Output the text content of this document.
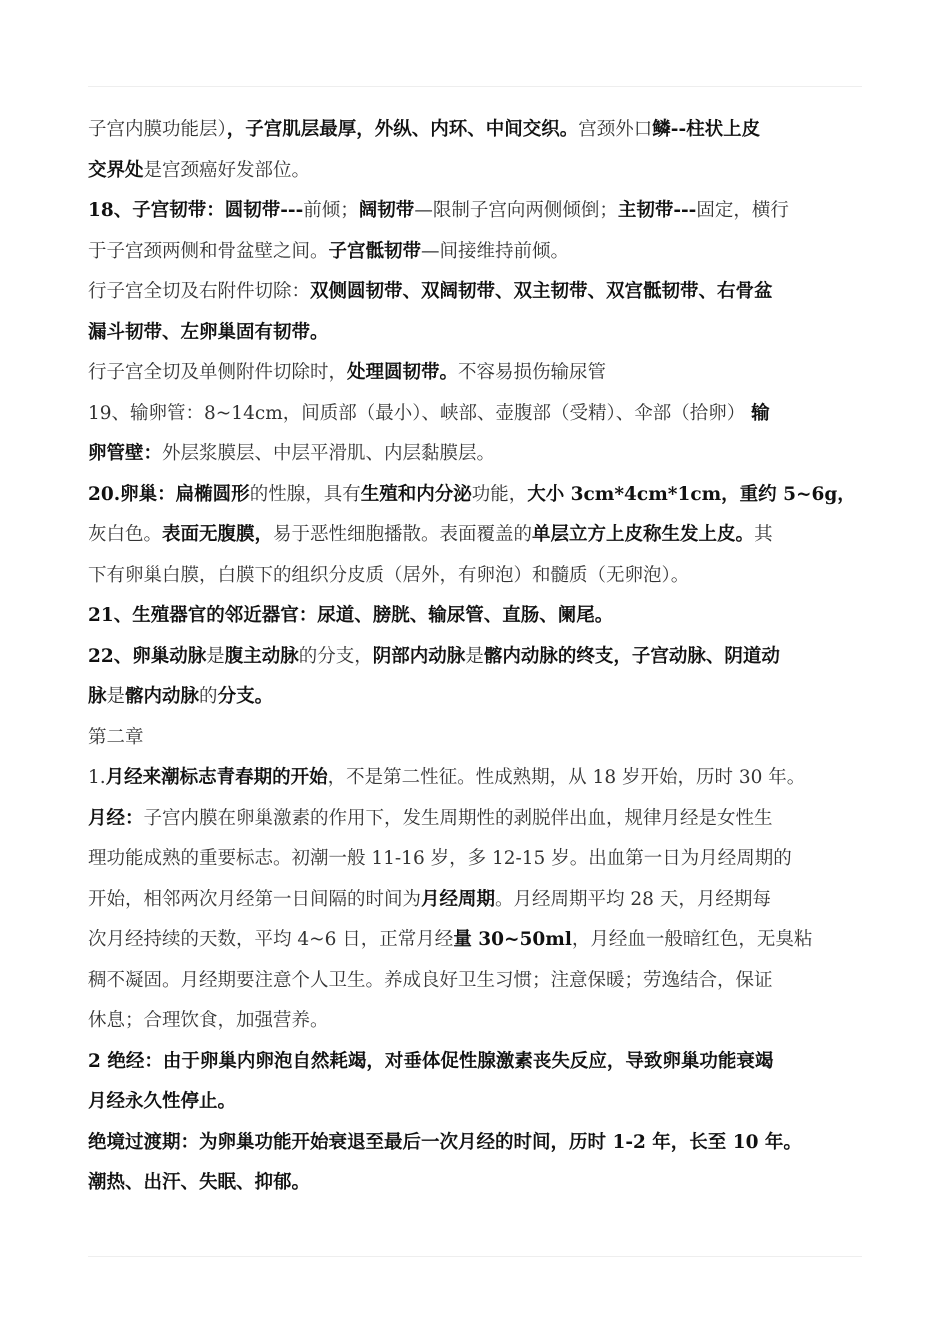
子宫内膜功能层），子宫肌层最厚，外纵、内环、中间交织。宫颈外口鳞--柱状上皮
交界处是宫颈癌好发部位。
18、子宫韧带：圆韧带---前倾；阔韧带—限制子宫向两侧倾倒；主韧带---固定，横行
于子宫颈两侧和骨盆壁之间。子宫骶韧带—间接维持前倾。
行子宫全切及右附件切除：双侧圆韧带、双阔韧带、双主韧带、双宫骶韧带、右骨盆
漏斗韧带、左卵巢固有韧带。
行子宫全切及单侧附件切除时，处理圆韧带。不容易损伤输尿管
19、输卵管：8~14cm，间质部（最小）、峡部、壶腹部（受精）、伞部（拾卵） 输
卵管壁：外层浆膜层、中层平滑肌、内层黏膜层。
20.卵巢：扁椭圆形的性腺，具有生殖和内分泌功能，大小 3cm*4cm*1cm，重约 5~6g，
灰白色。表面无腹膜，易于恶性细胞播散。表面覆盖的单层立方上皮称生发上皮。其
下有卵巢白膜，白膜下的组织分皮质（居外，有卵泡）和髓质（无卵泡）。
21、生殖器官的邻近器官：尿道、膀胱、输尿管、直肠、阑尾。
22、卵巢动脉是腹主动脉的分支，阴部内动脉是髂内动脉的终支，子宫动脉、阴道动
脉是髂内动脉的分支。
第二章
1.月经来潮标志青春期的开始，不是第二性征。性成熟期，从 18 岁开始，历时 30 年。
月经：子宫内膜在卵巢激素的作用下，发生周期性的剥脱伴出血，规律月经是女性生
理功能成熟的重要标志。初潮一般 11-16 岁，多 12-15 岁。出血第一日为月经周期的
开始，相邻两次月经第一日间隔的时间为月经周期。月经周期平均 28 天，月经期每
次月经持续的天数，平均 4~6 日，正常月经量 30~50ml，月经血一般暗红色，无臭粘
稠不凝固。月经期要注意个人卫生。养成良好卫生习惯；注意保暖；劳逸结合，保证
休息；合理饮食，加强营养。
2 绝经：由于卵巢内卵泡自然耗竭，对垂体促性腺激素丧失反应，导致卵巢功能衰竭
月经永久性停止。
绝境过渡期：为卵巢功能开始衰退至最后一次月经的时间，历时 1-2 年，长至 10 年。
潮热、出汗、失眠、抑郁。
